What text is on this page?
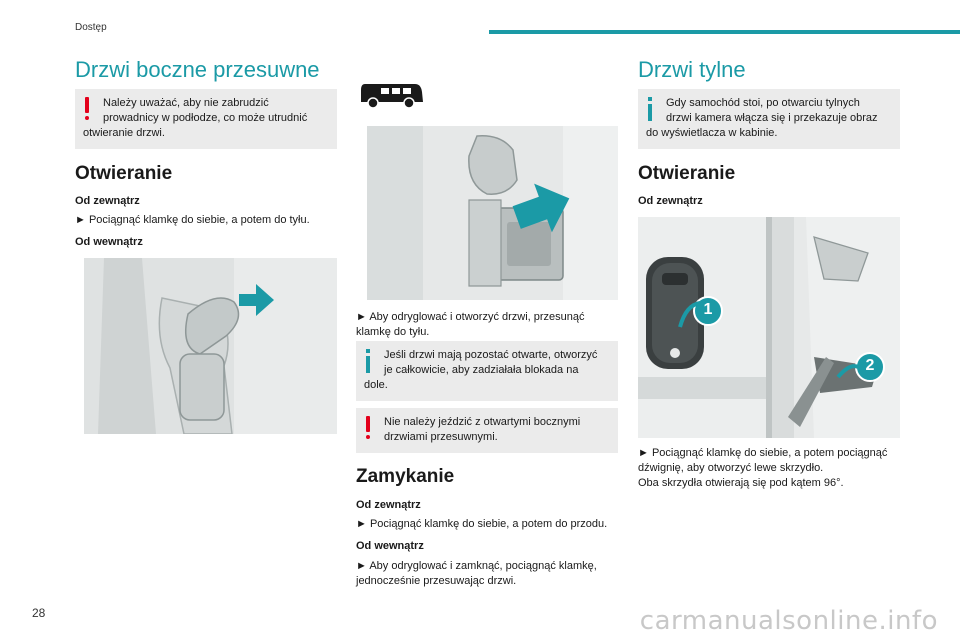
Dostęp
Drzwi boczne przesuwne
Należy uważać, aby nie zabrudzić
prowadnicy w podłodze, co może utrudnić
otwieranie drzwi.
Otwieranie
Od zewnątrz
► Pociągnąć klamkę do siebie, a potem do tyłu.
Od wewnątrz
► Aby odryglować i otworzyć drzwi, przesunąć
klamkę do tyłu.
Jeśli drzwi mają pozostać otwarte, otworzyć
je całkowicie, aby zadziałała blokada na
dole.
Nie należy jeździć z otwartymi bocznymi
drzwiami przesuwnymi.
Zamykanie
Od zewnątrz
► Pociągnąć klamkę do siebie, a potem do przodu.
Od wewnątrz
► Aby odryglować i zamknąć, pociągnąć klamkę,
jednocześnie przesuwając drzwi.
Drzwi tylne
Gdy samochód stoi, po otwarciu tylnych
drzwi kamera włącza się i przekazuje obraz
do wyświetlacza w kabinie.
Otwieranie
Od zewnątrz
1
2
► Pociągnąć klamkę do siebie, a potem pociągnąć
dźwignię, aby otworzyć lewe skrzydło.
Oba skrzydła otwierają się pod kątem 96°.
28	carmanualsonline.info
